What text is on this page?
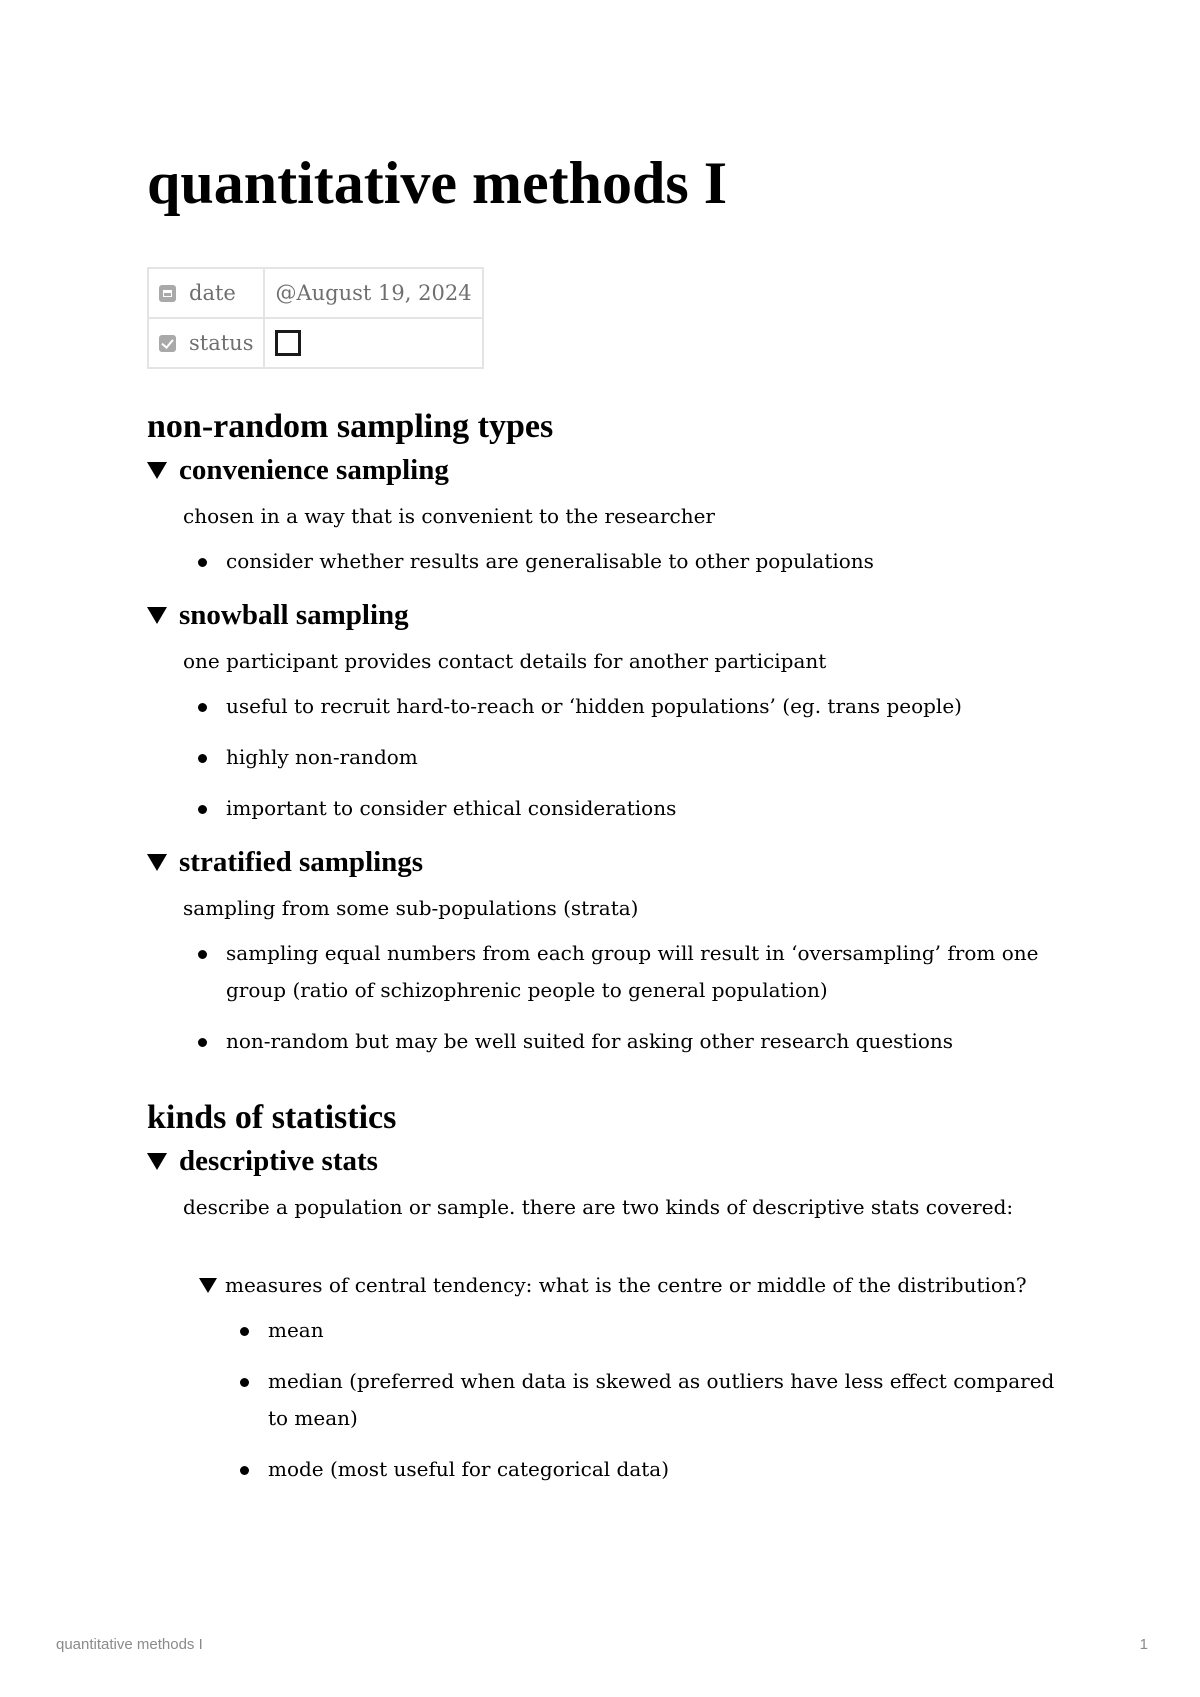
quantitative methods I
date	@August 19, 2024
status	
non-random sampling types
convenience sampling

chosen in a way that is convenient to the researcher

consider whether results are generalisable to other populations
snowball sampling

one participant provides contact details for another participant

useful to recruit hard-to-reach or ‘hidden populations’ (eg. trans people)
highly non-random
important to consider ethical considerations
stratified samplings

sampling from some sub-populations (strata)

sampling equal numbers from each group will result in ‘oversampling’ from one group (ratio of schizophrenic people to general population)
non-random but may be well suited for asking other research questions
kinds of statistics
descriptive stats

describe a population or sample. there are two kinds of descriptive stats covered:

measures of central tendency: what is the centre or middle of the distribution?
mean
median (preferred when data is skewed as outliers have less effect compared to mean)
mode (most useful for categorical data)
quantitative methods I	1
